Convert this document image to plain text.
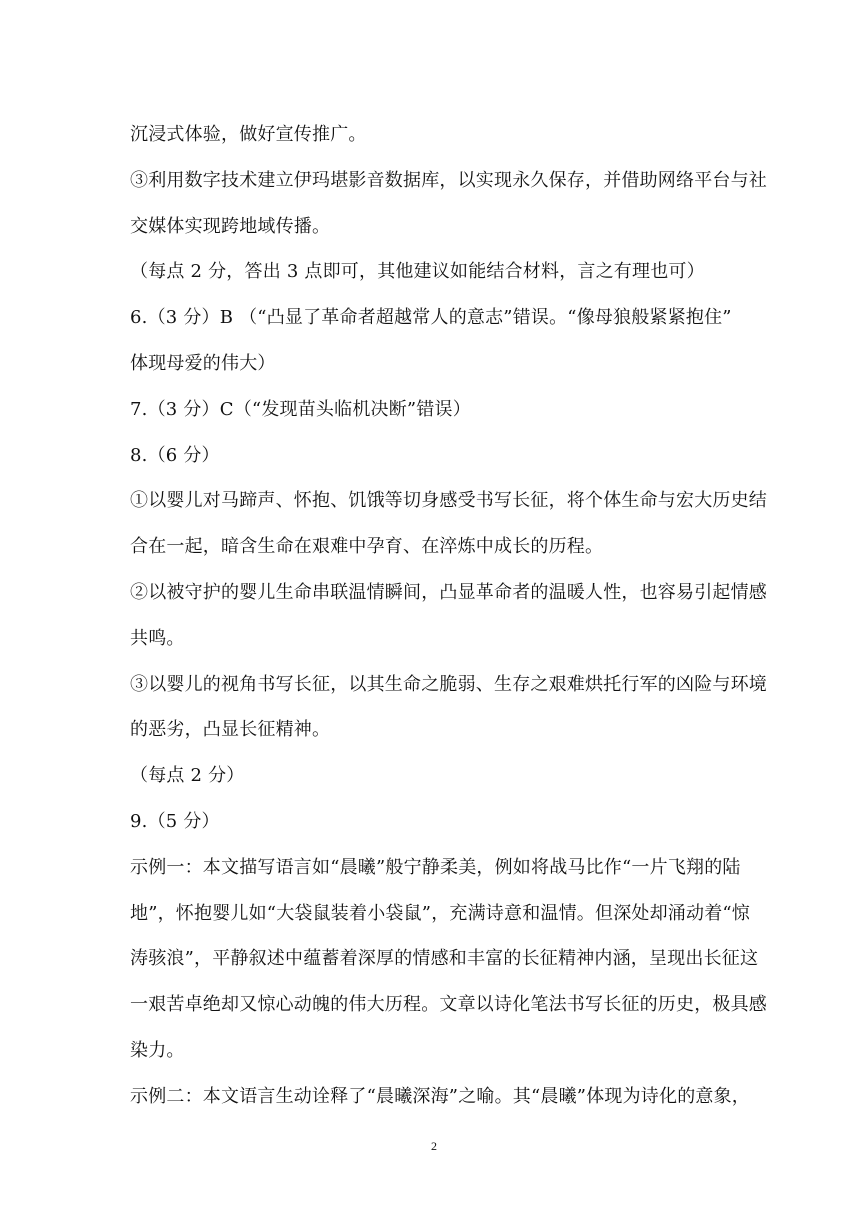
沉浸式体验，做好宣传推广。
③利用数字技术建立伊玛堪影音数据库，以实现永久保存，并借助网络平台与社
交媒体实现跨地域传播。
（每点 2 分，答出 3 点即可，其他建议如能结合材料，言之有理也可）
6.（3 分）B （“凸显了革命者超越常人的意志”错误。“像母狼般紧紧抱住”
体现母爱的伟大）
7.（3 分）C（“发现苗头临机决断”错误）
8.（6 分）
①以婴儿对马蹄声、怀抱、饥饿等切身感受书写长征，将个体生命与宏大历史结
合在一起，暗含生命在艰难中孕育、在淬炼中成长的历程。
②以被守护的婴儿生命串联温情瞬间，凸显革命者的温暖人性，也容易引起情感
共鸣。
③以婴儿的视角书写长征，以其生命之脆弱、生存之艰难烘托行军的凶险与环境
的恶劣，凸显长征精神。
（每点 2 分）
9.（5 分）
示例一：本文描写语言如“晨曦”般宁静柔美，例如将战马比作“一片飞翔的陆
地”，怀抱婴儿如“大袋鼠装着小袋鼠”，充满诗意和温情。但深处却涌动着“惊
涛骇浪”，平静叙述中蕴蓄着深厚的情感和丰富的长征精神内涵，呈现出长征这
一艰苦卓绝却又惊心动魄的伟大历程。文章以诗化笔法书写长征的历史，极具感
染力。
示例二：本文语言生动诠释了“晨曦深海”之喻。其“晨曦”体现为诗化的意象，
2
